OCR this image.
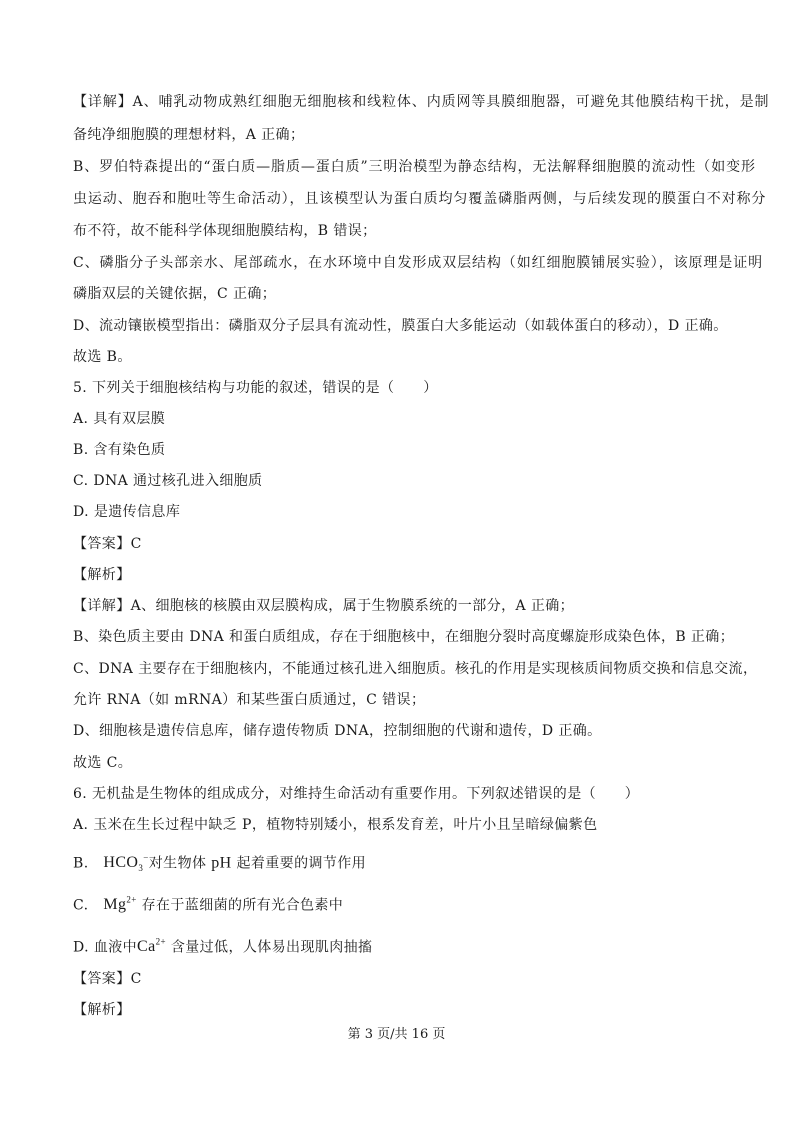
【详解】A、哺乳动物成熟红细胞无细胞核和线粒体、内质网等具膜细胞器，可避免其他膜结构干扰，是制
备纯净细胞膜的理想材料，A 正确；
B、罗伯特森提出的“蛋白质—脂质—蛋白质”三明治模型为静态结构，无法解释细胞膜的流动性（如变形
虫运动、胞吞和胞吐等生命活动），且该模型认为蛋白质均匀覆盖磷脂两侧，与后续发现的膜蛋白不对称分
布不符，故不能科学体现细胞膜结构，B 错误；
C、磷脂分子头部亲水、尾部疏水，在水环境中自发形成双层结构（如红细胞膜铺展实验），该原理是证明
磷脂双层的关键依据，C 正确；
D、流动镶嵌模型指出：磷脂双分子层具有流动性，膜蛋白大多能运动（如载体蛋白的移动），D 正确。
故选 B。
5. 下列关于细胞核结构与功能的叙述，错误的是（　　）
A. 具有双层膜
B. 含有染色质
C. DNA 通过核孔进入细胞质
D. 是遗传信息库
【答案】C
【解析】
【详解】A、细胞核的核膜由双层膜构成，属于生物膜系统的一部分，A 正确；
B、染色质主要由 DNA 和蛋白质组成，存在于细胞核中，在细胞分裂时高度螺旋形成染色体，B 正确；
C、DNA 主要存在于细胞核内，不能通过核孔进入细胞质。核孔的作用是实现核质间物质交换和信息交流，
允许 RNA（如 mRNA）和某些蛋白质通过，C 错误；
D、细胞核是遗传信息库，储存遗传物质 DNA，控制细胞的代谢和遗传，D 正确。
故选 C。
6. 无机盐是生物体的组成成分，对维持生命活动有重要作用。下列叙述错误的是（　　）
A. 玉米在生长过程中缺乏 P，植物特别矮小，根系发育差，叶片小且呈暗绿偏紫色
B. $HCO_3^-$对生物体 pH 起着重要的调节作用
C. $Mg^{2+}$ 存在于蓝细菌的所有光合色素中
D. 血液中$Ca^{2+}$ 含量过低，人体易出现肌肉抽搐
【答案】C
【解析】
第 3 页/共 16 页
